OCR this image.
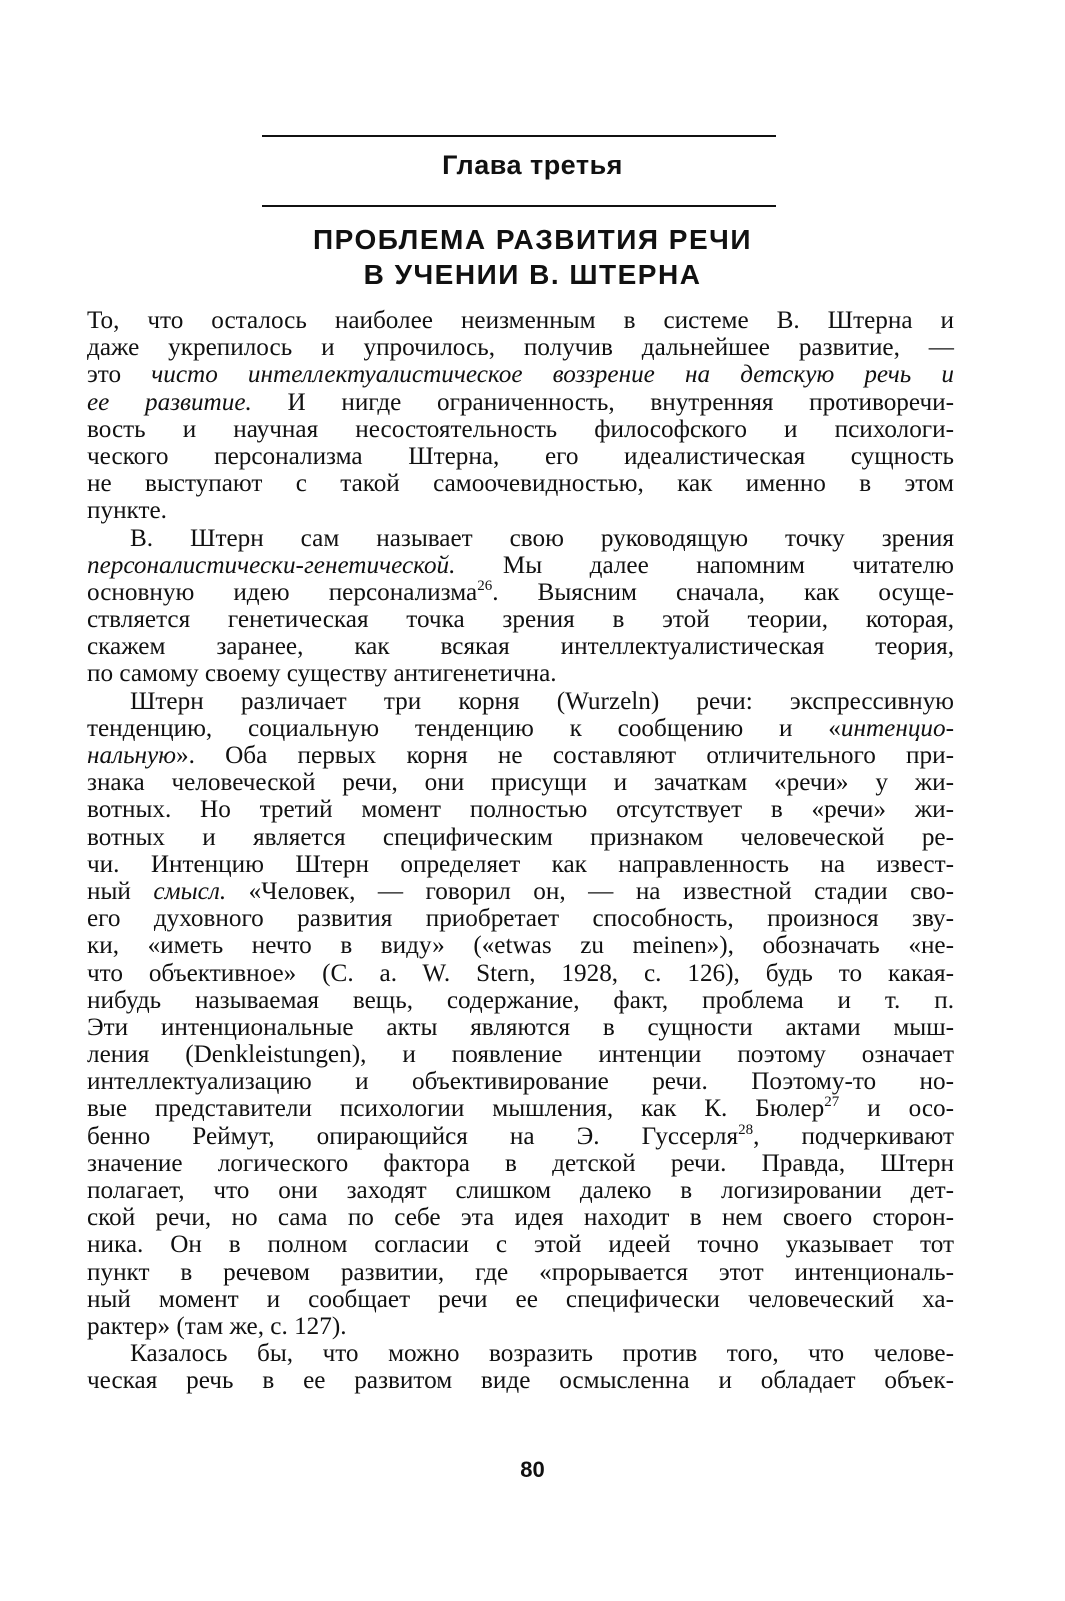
Глава третья
ПРОБЛЕМА РАЗВИТИЯ РЕЧИ
В УЧЕНИИ В. ШТЕРНА
То, что осталось наиболее неизменным в системе В. Штерна и
даже укрепилось и упрочилось, получив дальнейшее развитие, —
это чисто интеллектуалистическое воззрение на детскую речь и
ее развитие. И нигде ограниченность, внутренняя противоречи-
вость и научная несостоятельность философского и психологи-
ческого персонализма Штерна, его идеалистическая сущность
не выступают с такой самоочевидностью, как именно в этом
пункте.
В. Штерн сам называет свою руководящую точку зрения
персоналистически-генетической. Мы далее напомним читателю
основную идею персонализма$^{26}$. Выясним сначала, как осуще-
ствляется генетическая точка зрения в этой теории, которая,
скажем заранее, как всякая интеллектуалистическая теория,
по самому своему существу антигенетична.
Штерн различает три корня (Wurzeln) речи: экспрессивную
тенденцию, социальную тенденцию к сообщению и «интенцио-
нальную». Оба первых корня не составляют отличительного при-
знака человеческой речи, они присущи и зачаткам «речи» у жи-
вотных. Но третий момент полностью отсутствует в «речи» жи-
вотных и является специфическим признаком человеческой ре-
чи. Интенцию Штерн определяет как направленность на извест-
ный смысл. «Человек, — говорил он, — на известной стадии сво-
его духовного развития приобретает способность, произнося зву-
ки, «иметь нечто в виду» («etwas zu meinen»), обозначать «не-
что объективное» (С. a. W. Stern, 1928, с. 126), будь то какая-
нибудь называемая вещь, содержание, факт, проблема и т. п.
Эти интенциональные акты являются в сущности актами мыш-
ления (Denkleistungen), и появление интенции поэтому означает
интеллектуализацию и объективирование речи. Поэтому-то но-
вые представители психологии мышления, как К. Бюлер$^{27}$ и осо-
бенно Реймут, опирающийся на Э. Гуссерля$^{28}$, подчеркивают
значение логического фактора в детской речи. Правда, Штерн
полагает, что они заходят слишком далеко в логизировании дет-
ской речи, но сама по себе эта идея находит в нем своего сторон-
ника. Он в полном согласии с этой идеей точно указывает тот
пункт в речевом развитии, где «прорывается этот интенциональ-
ный момент и сообщает речи ее специфически человеческий ха-
рактер» (там же, с. 127).
Казалось бы, что можно возразить против того, что челове-
ческая речь в ее развитом виде осмысленна и обладает объек-
80
